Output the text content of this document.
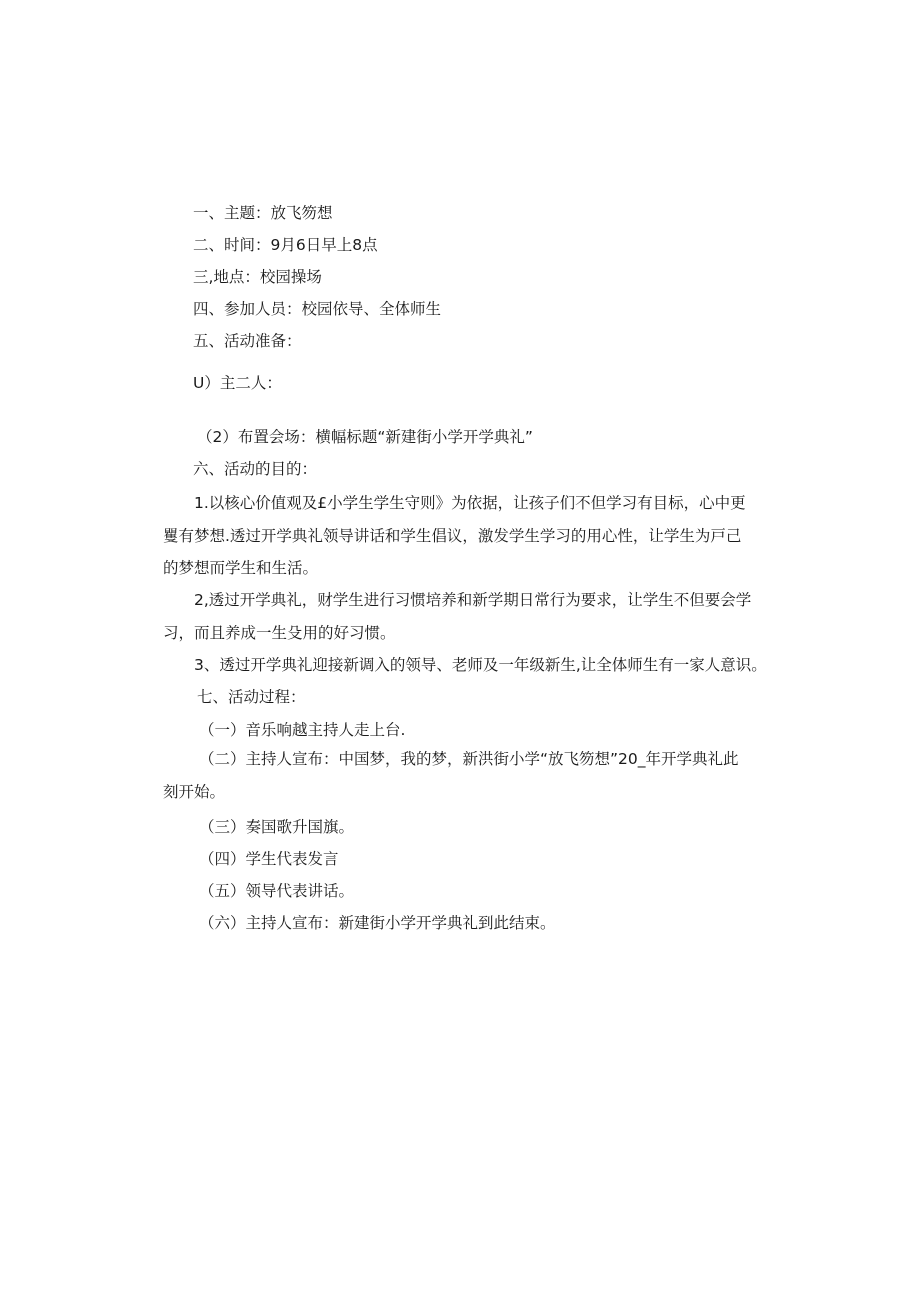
一、主题：放飞笏想

二、时间：9月6日早上8点

三,地点：校园操场

四、参加人员：校园依导、全体师生

五、活动准备：

U）主二人：

（2）布置会场：横幅标题“新建街小学开学典礼”

六、活动的目的：

1.以核心价值观及£小学生学生守则》为依据，让孩子们不但学习有目标，心中更矍有梦想.透过开学典礼领导讲话和学生倡议，激发学生学习的用心性，让学生为戸己的梦想而学生和生活。

2,透过开学典礼，财学生进行习惯培养和新学期日常行为要求，让学生不但要会学习，而且养成一生殳用的好习惯。

3、透过开学典礼迎接新调入的领导、老师及一年级新生,让全体师生有一家人意识。

七、活动过程：

（一）音乐响越主持人走上台.

（二）主持人宣布：中国梦，我的梦，新洪街小学“放飞笏想”20_年开学典礼此刻开始。

（三）奏国歌升国旗。

（四）学生代表发言

（五）领导代表讲话。

（六）主持人宣布：新建街小学开学典礼到此结束。
